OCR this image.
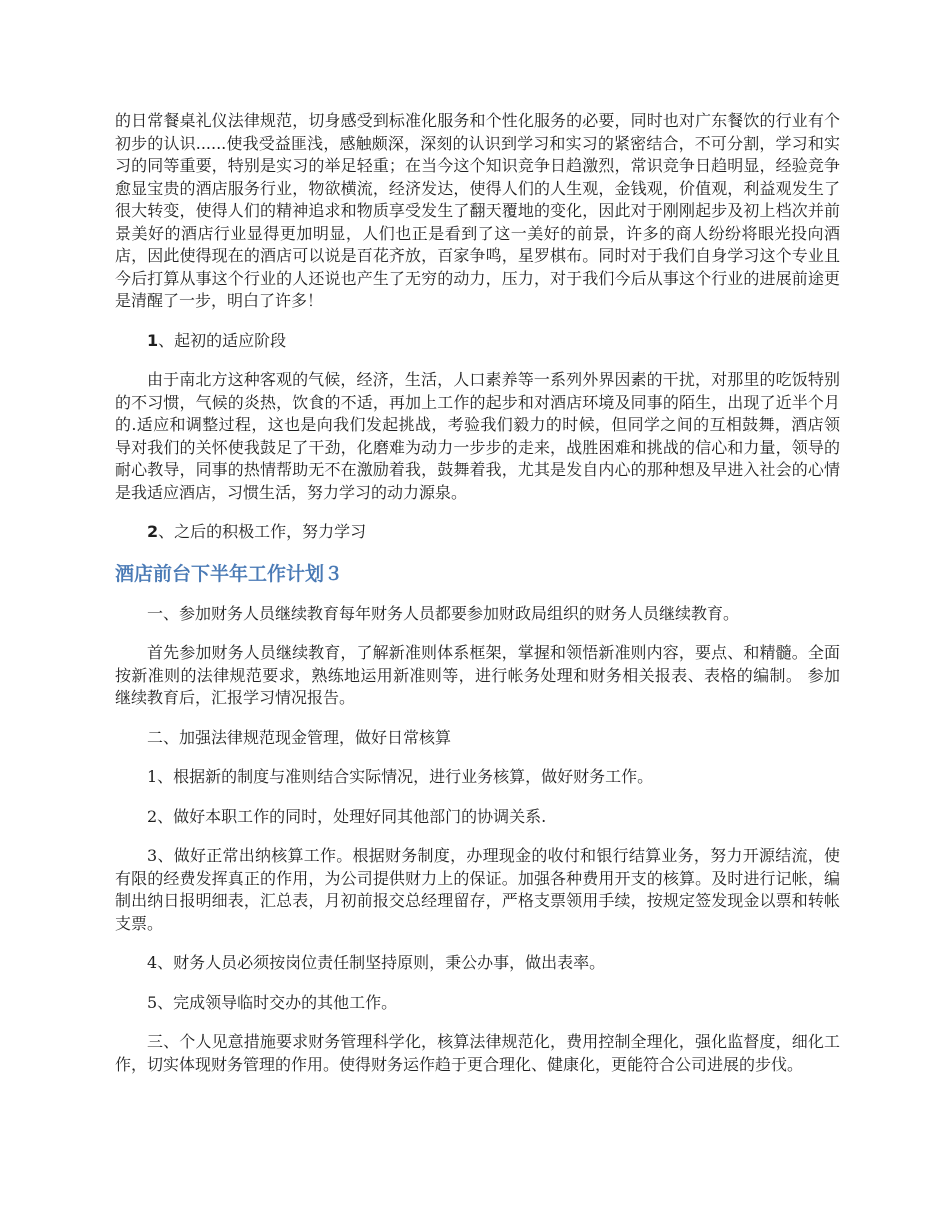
的日常餐桌礼仪法律规范，切身感受到标准化服务和个性化服务的必要，同时也对广东餐饮的行业有个初步的认识......使我受益匪浅，感触颇深，深刻的认识到学习和实习的紧密结合，不可分割，学习和实习的同等重要，特别是实习的举足轻重；在当今这个知识竞争日趋激烈，常识竞争日趋明显，经验竞争愈显宝贵的酒店服务行业，物欲横流，经济发达，使得人们的人生观，金钱观，价值观，利益观发生了很大转变，使得人们的精神追求和物质享受发生了翻天覆地的变化，因此对于刚刚起步及初上档次并前景美好的酒店行业显得更加明显，人们也正是看到了这一美好的前景，许多的商人纷纷将眼光投向酒店，因此使得现在的酒店可以说是百花齐放，百家争鸣，星罗棋布。同时对于我们自身学习这个专业且今后打算从事这个行业的人还说也产生了无穷的动力，压力，对于我们今后从事这个行业的进展前途更是清醒了一步，明白了许多！

1、起初的适应阶段

由于南北方这种客观的气候，经济，生活，人口素养等一系列外界因素的干扰，对那里的吃饭特别的不习惯，气候的炎热，饮食的不适，再加上工作的起步和对酒店环境及同事的陌生，出现了近半个月的.适应和调整过程，这也是向我们发起挑战，考验我们毅力的时候，但同学之间的互相鼓舞，酒店领导对我们的关怀使我鼓足了干劲，化磨难为动力一步步的走来，战胜困难和挑战的信心和力量，领导的耐心教导，同事的热情帮助无不在激励着我，鼓舞着我，尤其是发自内心的那种想及早进入社会的心情是我适应酒店，习惯生活，努力学习的动力源泉。

2、之后的积极工作，努力学习

酒店前台下半年工作计划３

一、参加财务人员继续教育每年财务人员都要参加财政局组织的财务人员继续教育。

首先参加财务人员继续教育，了解新准则体系框架，掌握和领悟新准则内容，要点、和精髓。全面按新准则的法律规范要求，熟练地运用新准则等，进行帐务处理和财务相关报表、表格的编制。 参加继续教育后，汇报学习情况报告。

二、加强法律规范现金管理，做好日常核算

1、根据新的制度与准则结合实际情况，进行业务核算，做好财务工作。

2、做好本职工作的同时，处理好同其他部门的协调关系.

3、做好正常出纳核算工作。根据财务制度，办理现金的收付和银行结算业务，努力开源结流，使有限的经费发挥真正的作用，为公司提供财力上的保证。加强各种费用开支的核算。及时进行记帐，编制出纳日报明细表，汇总表，月初前报交总经理留存，严格支票领用手续，按规定签发现金以票和转帐支票。

4、财务人员必须按岗位责任制坚持原则，秉公办事，做出表率。

5、完成领导临时交办的其他工作。

三、个人见意措施要求财务管理科学化，核算法律规范化，费用控制全理化，强化监督度，细化工作，切实体现财务管理的作用。使得财务运作趋于更合理化、健康化，更能符合公司进展的步伐。
